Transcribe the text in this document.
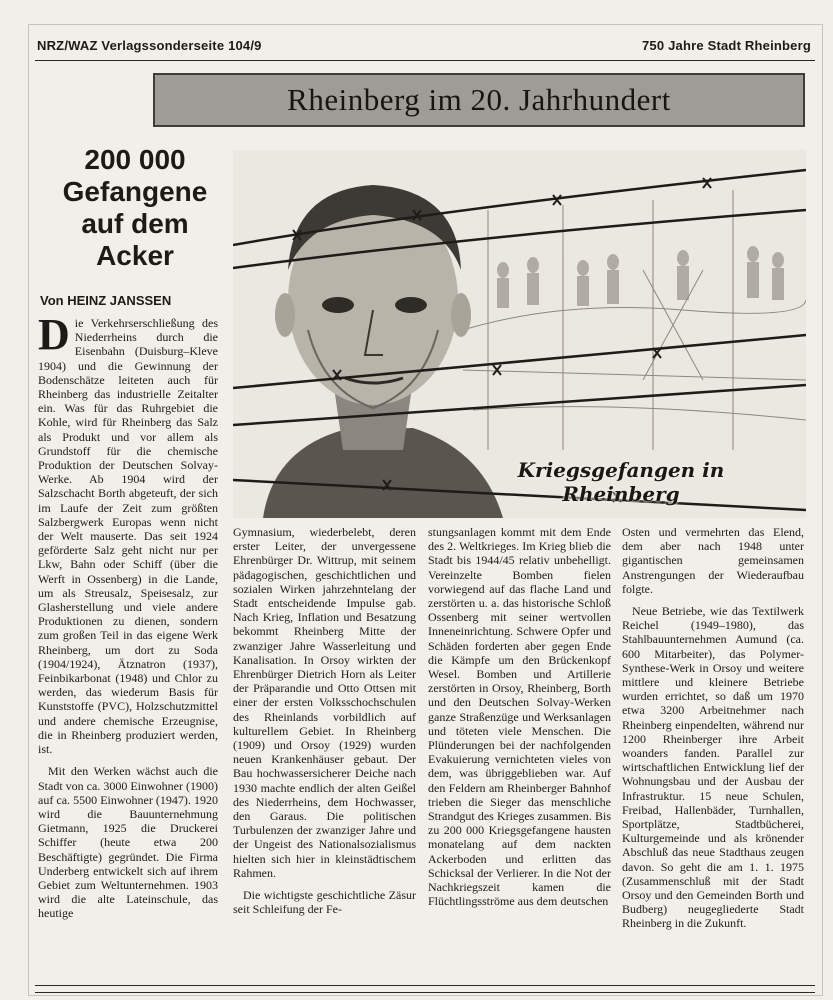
NRZ/WAZ Verlagssonderseite 104/9	750 Jahre Stadt Rheinberg
Rheinberg im 20. Jahrhundert
200 000 Gefangene auf dem Acker
Von HEINZ JANSSEN
Kriegsgefangen in Rheinberg

Die Verkehrserschließung des Niederrheins durch die Eisenbahn (Duisburg–Kleve 1904) und die Gewinnung der Bodenschätze leiteten auch für Rheinberg das industrielle Zeitalter ein. Was für das Ruhrgebiet die Kohle, wird für Rheinberg das Salz als Produkt und vor allem als Grundstoff für die chemische Produktion der Deutschen Solvay-Werke. Ab 1904 wird der Salzschacht Borth abgeteuft, der sich im Laufe der Zeit zum größten Salzbergwerk Europas wenn nicht der Welt mauserte. Das seit 1924 geförderte Salz geht nicht nur per Lkw, Bahn oder Schiff (über die Werft in Ossenberg) in die Lande, um als Streusalz, Speisesalz, zur Glasherstellung und viele andere Produktionen zu dienen, sondern zum großen Teil in das eigene Werk Rheinberg, um dort zu Soda (1904/1924), Ätznatron (1937), Feinbikarbonat (1948) und Chlor zu werden, das wiederum Basis für Kunststoffe (PVC), Holzschutzmittel und andere chemische Erzeugnise, die in Rheinberg produziert werden, ist.

Mit den Werken wächst auch die Stadt von ca. 3000 Einwohner (1900) auf ca. 5500 Einwohner (1947). 1920 wird die Bauunternehmung Gietmann, 1925 die Druckerei Schiffer (heute etwa 200 Beschäftigte) gegründet. Die Firma Underberg entwickelt sich auf ihrem Gebiet zum Weltunternehmen. 1903 wird die alte Lateinschule, das heutige

Gymnasium, wiederbelebt, deren erster Leiter, der unvergessene Ehrenbürger Dr. Wittrup, mit seinem pädagogischen, geschichtlichen und sozialen Wirken jahrzehntelang der Stadt entscheidende Impulse gab. Nach Krieg, Inflation und Besatzung bekommt Rheinberg Mitte der zwanziger Jahre Wasserleitung und Kanalisation. In Orsoy wirkten der Ehrenbürger Dietrich Horn als Leiter der Präparandie und Otto Ottsen mit einer der ersten Volksschochschulen des Rheinlands vorbildlich auf kulturellem Gebiet. In Rheinberg (1909) und Orsoy (1929) wurden neuen Krankenhäuser gebaut. Der Bau hochwassersicherer Deiche nach 1930 machte endlich der alten Geißel des Niederrheins, dem Hochwasser, den Garaus. Die politischen Turbulenzen der zwanziger Jahre und der Ungeist des Nationalsozialismus hielten sich hier in kleinstädtischem Rahmen.

Die wichtigste geschichtliche Zäsur seit Schleifung der Fe-

stungsanlagen kommt mit dem Ende des 2. Weltkrieges. Im Krieg blieb die Stadt bis 1944/45 relativ unbehelligt. Vereinzelte Bomben fielen vorwiegend auf das flache Land und zerstörten u. a. das historische Schloß Ossenberg mit seiner wertvollen Inneneinrichtung. Schwere Opfer und Schäden forderten aber gegen Ende die Kämpfe um den Brückenkopf Wesel. Bomben und Artillerie zerstörten in Orsoy, Rheinberg, Borth und den Deutschen Solvay-Werken ganze Straßenzüge und Werksanlagen und töteten viele Menschen. Die Plünderungen bei der nachfolgenden Evakuierung vernichteten vieles von dem, was übriggeblieben war. Auf den Feldern am Rheinberger Bahnhof trieben die Sieger das menschliche Strandgut des Krieges zusammen. Bis zu 200 000 Kriegsgefangene hausten monatelang auf dem nackten Ackerboden und erlitten das Schicksal der Verlierer. In die Not der Nachkriegszeit kamen die Flüchtlingsströme aus dem deutschen

Osten und vermehrten das Elend, dem aber nach 1948 unter gigantischen gemeinsamen Anstrengungen der Wiederaufbau folgte.

Neue Betriebe, wie das Textilwerk Reichel (1949–1980), das Stahlbauunternehmen Aumund (ca. 600 Mitarbeiter), das Polymer-Synthese-Werk in Orsoy und weitere mittlere und kleinere Betriebe wurden errichtet, so daß um 1970 etwa 3200 Arbeitnehmer nach Rheinberg einpendelten, während nur 1200 Rheinberger ihre Arbeit woanders fanden. Parallel zur wirtschaftlichen Entwicklung lief der Wohnungsbau und der Ausbau der Infrastruktur. 15 neue Schulen, Freibad, Hallenbäder, Turnhallen, Sportplätze, Stadtbücherei, Kulturgemeinde und als krönender Abschluß das neue Stadthaus zeugen davon. So geht die am 1. 1. 1975 (Zusammenschluß mit der Stadt Orsoy und den Gemeinden Borth und Budberg) neugegliederte Stadt Rheinberg in die Zukunft.
